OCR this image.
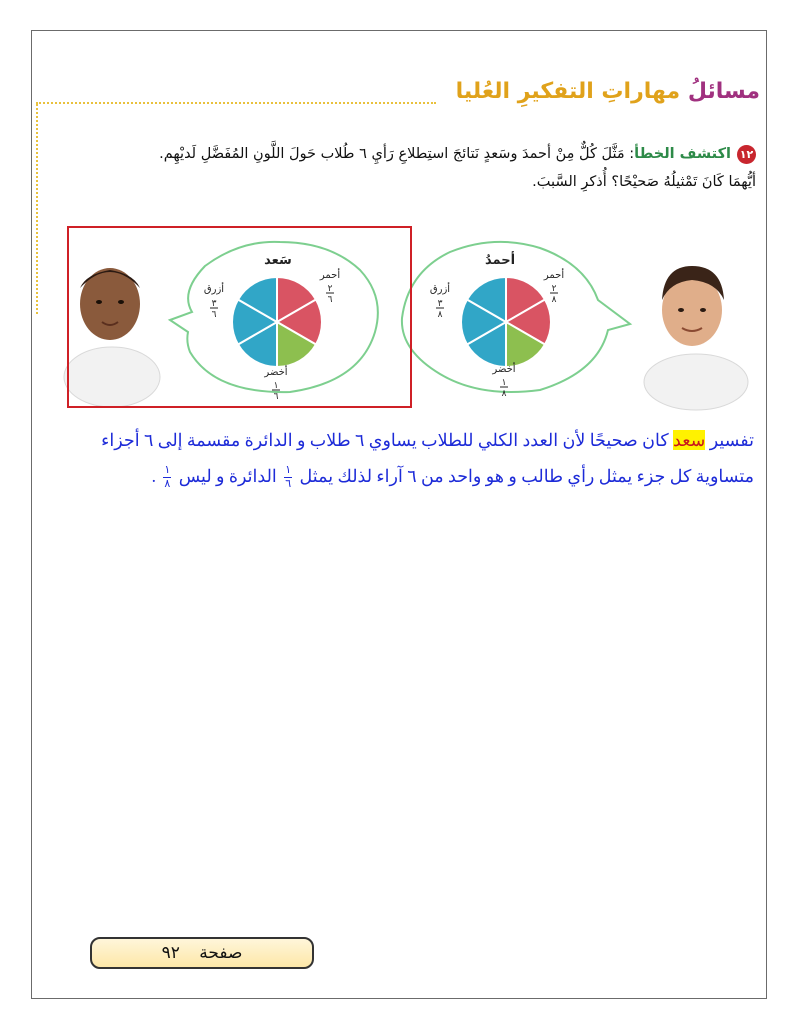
مسائلُ مهاراتِ التفكيرِ العُليا
١٢اكتشف الخطأ: مَثَّلَ كُلٌّ مِنْ أحمدَ وسَعدٍ نَتائجَ استِطلاعِ رَأيِ ٦ طُلاب حَولَ اللَّونِ المُفَضَّلِ لَديْهِم.
أيُّهمَا كَانَ تَمْثيلُهُ صَحيْحًا؟ أُذكرِ السَّببَ.
سَعد
أحمر
٢
٦
أزرق
٣
٦
أخضر
١
٦
أحمدُ
أحمر
٢
٨
أزرق
٣
٨
أخضر
١
٨
تفسير سعد كان صحيحًا لأن العدد الكلي للطلاب يساوي ٦ طلاب و الدائرة مقسمة إلى ٦ أجزاء متساوية كل جزء يمثل رأي طالب و هو واحد من ٦ آراء لذلك يمثل
$\frac{١}{٦}$
الدائرة و ليس
$\frac{١}{٨}$
.
صفحة ٩٢
